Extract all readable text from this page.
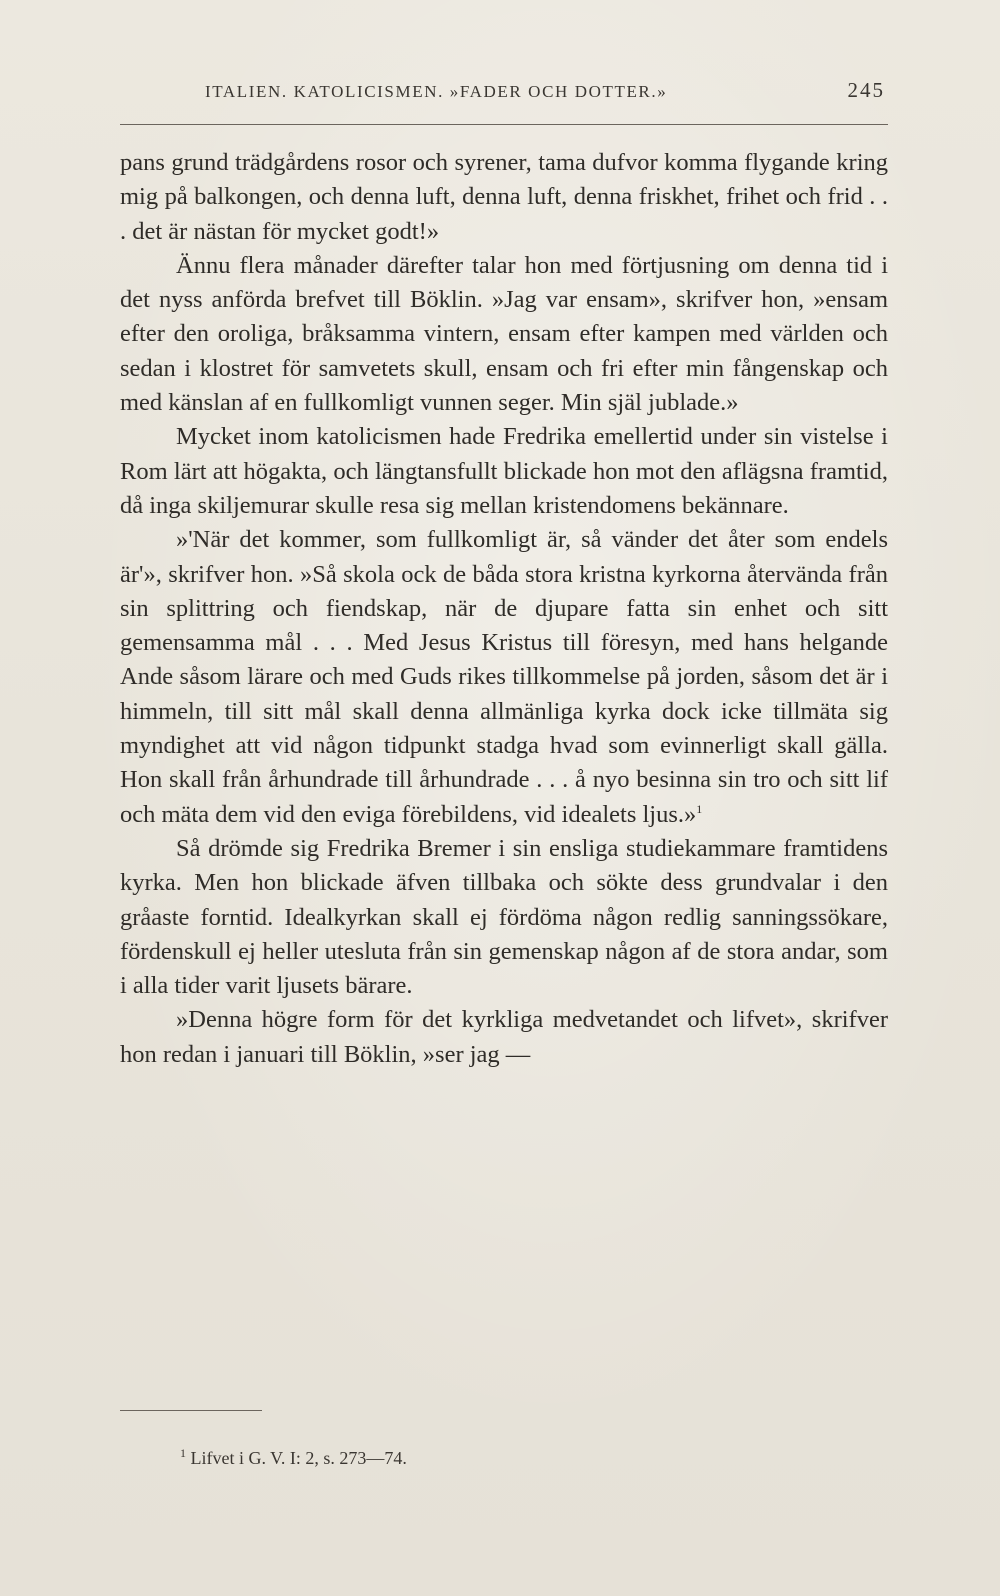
ITALIEN. KATOLICISMEN. »FADER OCH DOTTER.»	245

pans grund trädgårdens rosor och syrener, tama dufvor komma flygande kring mig på balkongen, och denna luft, denna luft, denna friskhet, frihet och frid . . . det är nästan för mycket godt!»

Ännu flera månader därefter talar hon med förtjusning om denna tid i det nyss anförda brefvet till Böklin. »Jag var ensam», skrifver hon, »ensam efter den oroliga, bråksamma vintern, ensam efter kampen med världen och sedan i klostret för samvetets skull, ensam och fri efter min fångenskap och med känslan af en fullkomligt vunnen seger. Min själ jublade.»

Mycket inom katolicismen hade Fredrika emellertid under sin vistelse i Rom lärt att högakta, och längtansfullt blickade hon mot den aflägsna framtid, då inga skiljemurar skulle resa sig mellan kristendomens bekännare.

»'När det kommer, som fullkomligt är, så vänder det åter som endels är'», skrifver hon. »Så skola ock de båda stora kristna kyrkorna återvända från sin splittring och fiendskap, när de djupare fatta sin enhet och sitt gemensamma mål . . . Med Jesus Kristus till föresyn, med hans helgande Ande såsom lärare och med Guds rikes tillkommelse på jorden, såsom det är i himmeln, till sitt mål skall denna allmänliga kyrka dock icke tillmäta sig myndighet att vid någon tidpunkt stadga hvad som evinnerligt skall gälla. Hon skall från århundrade till århundrade . . . å nyo besinna sin tro och sitt lif och mäta dem vid den eviga förebildens, vid idealets ljus.»$^1$

Så drömde sig Fredrika Bremer i sin ensliga studiekammare framtidens kyrka. Men hon blickade äfven tillbaka och sökte dess grundvalar i den gråaste forntid. Idealkyrkan skall ej fördöma någon redlig sanningssökare, fördenskull ej heller utesluta från sin gemenskap någon af de stora andar, som i alla tider varit ljusets bärare.

»Denna högre form för det kyrkliga medvetandet och lifvet», skrifver hon redan i januari till Böklin, »ser jag —

$^1$ Lifvet i G. V. I: 2, s. 273—74.
